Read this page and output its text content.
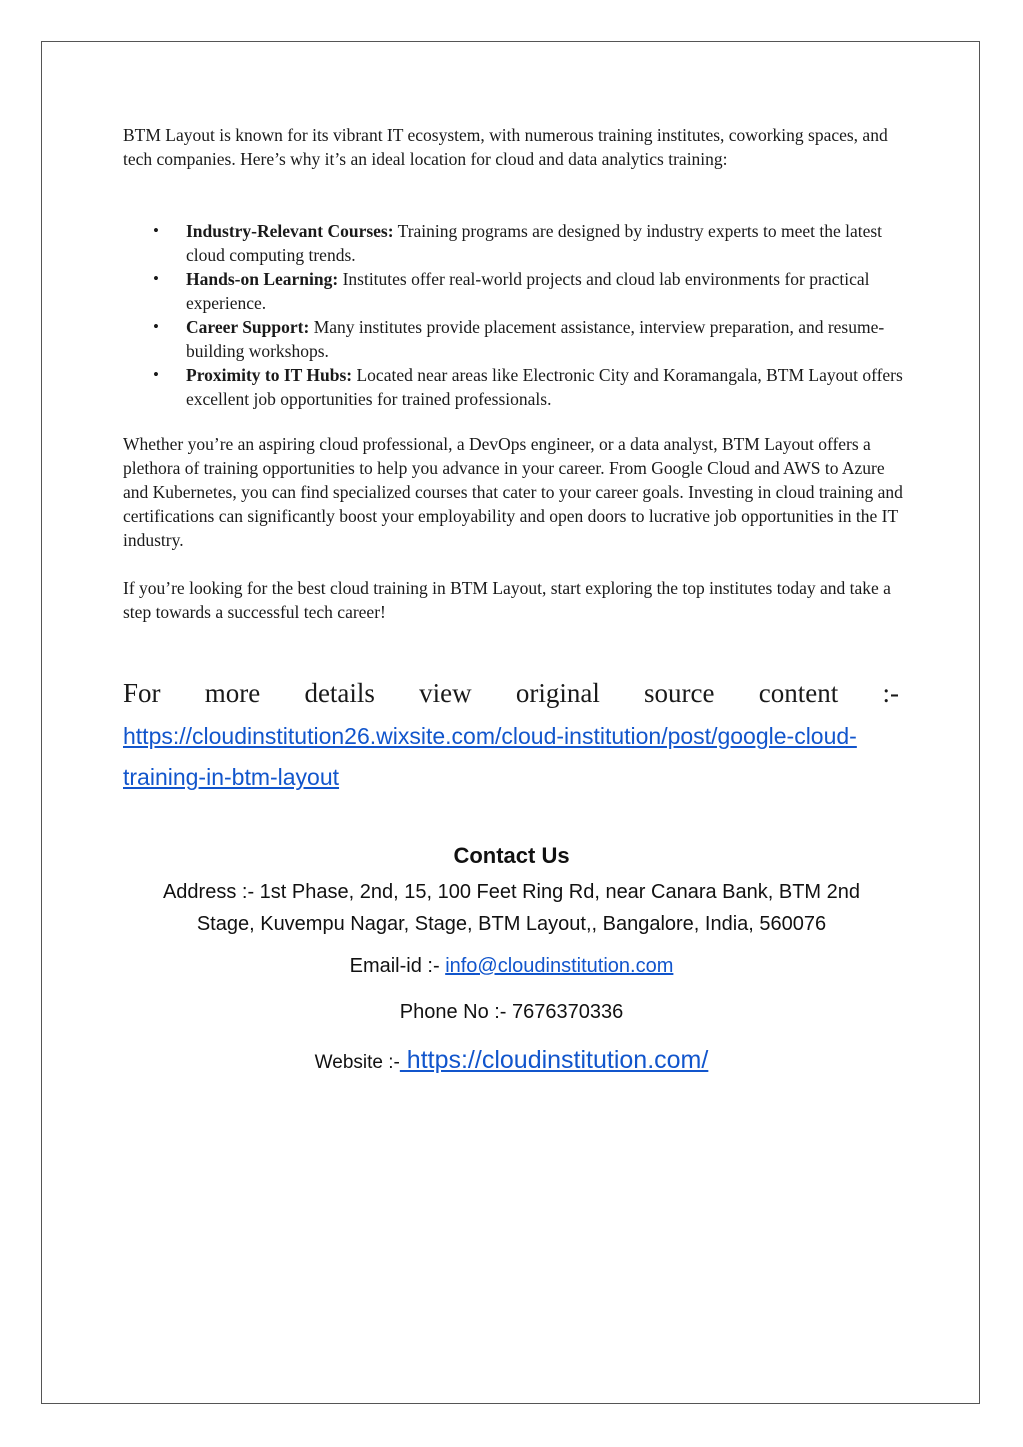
BTM Layout is known for its vibrant IT ecosystem, with numerous training institutes, coworking spaces, and tech companies. Here’s why it’s an ideal location for cloud and data analytics training:

• Industry-Relevant Courses: Training programs are designed by industry experts to meet the latest cloud computing trends.
• Hands-on Learning: Institutes offer real-world projects and cloud lab environments for practical experience.
• Career Support: Many institutes provide placement assistance, interview preparation, and resume-building workshops.
• Proximity to IT Hubs: Located near areas like Electronic City and Koramangala, BTM Layout offers excellent job opportunities for trained professionals.

Whether you’re an aspiring cloud professional, a DevOps engineer, or a data analyst, BTM Layout offers a plethora of training opportunities to help you advance in your career. From Google Cloud and AWS to Azure and Kubernetes, you can find specialized courses that cater to your career goals. Investing in cloud training and certifications can significantly boost your employability and open doors to lucrative job opportunities in the IT industry.

If you’re looking for the best cloud training in BTM Layout, start exploring the top institutes today and take a step towards a successful tech career!

For more details view original source content :-

https://cloudinstitution26.wixsite.com/cloud-institution/post/google-cloud-training-in-btm-layout

Contact Us
Address :- 1st Phase, 2nd, 15, 100 Feet Ring Rd, near Canara Bank, BTM 2nd
Stage, Kuvempu Nagar, Stage, BTM Layout,, Bangalore, India, 560076
Email-id :- info@cloudinstitution.com
Phone No :- 7676370336
Website :- https://cloudinstitution.com/
